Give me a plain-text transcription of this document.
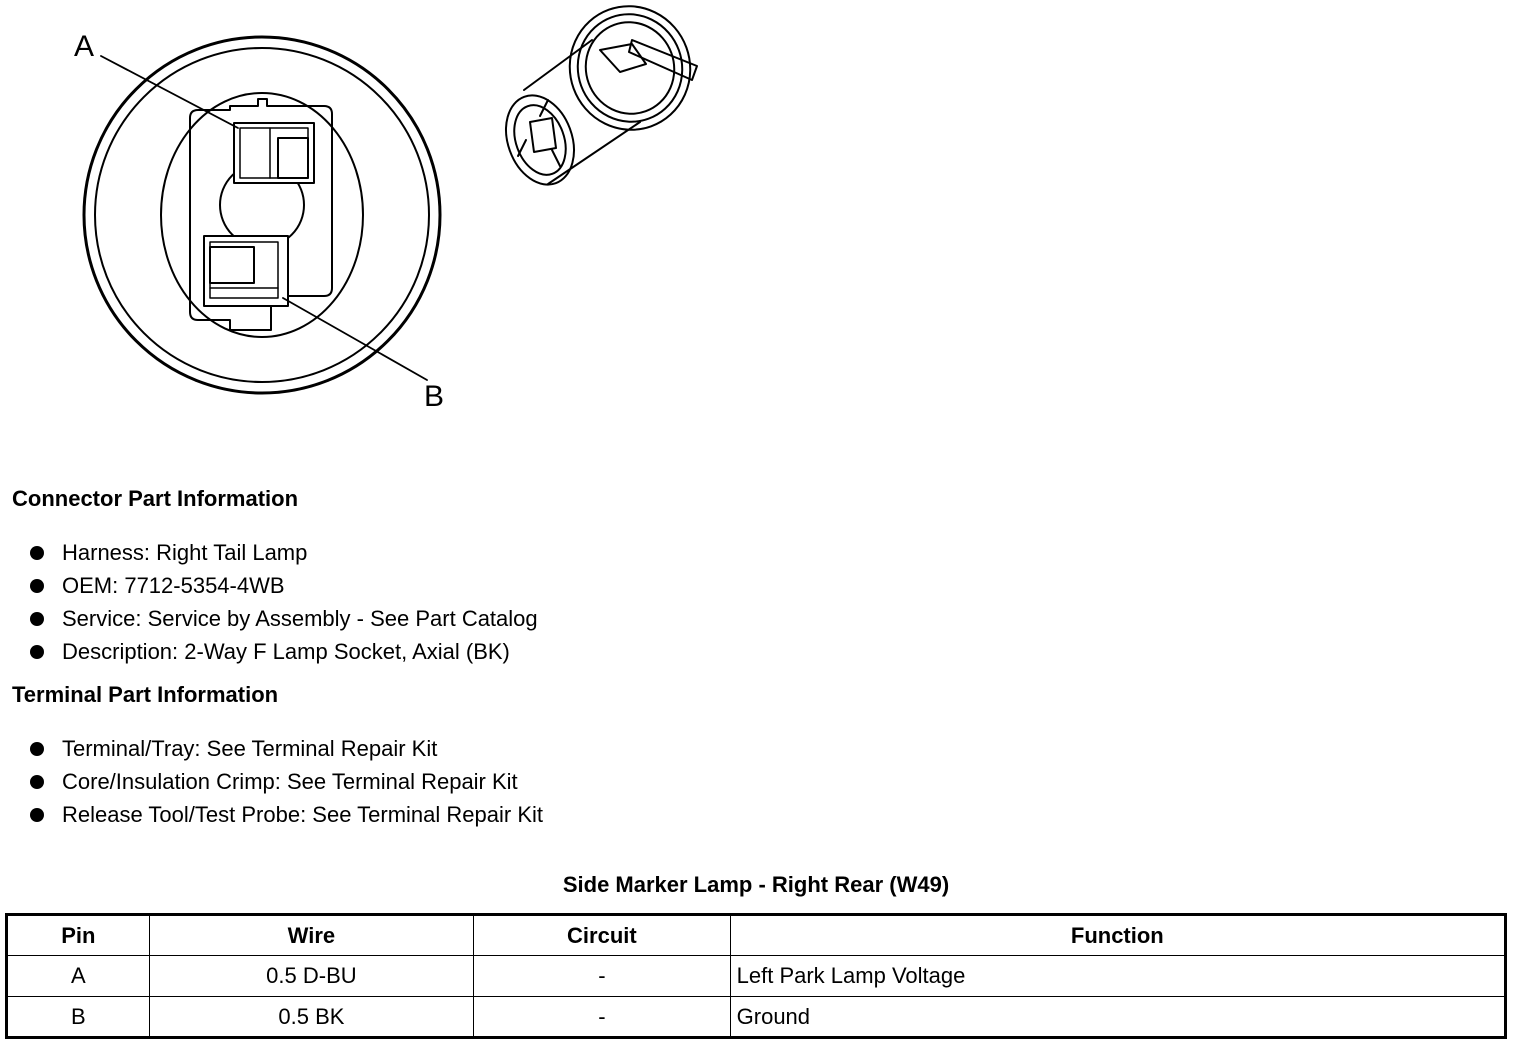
A
B
Connector Part Information
Harness: Right Tail Lamp
OEM: 7712-5354-4WB
Service: Service by Assembly - See Part Catalog
Description: 2-Way F Lamp Socket, Axial (BK)
Terminal Part Information
Terminal/Tray: See Terminal Repair Kit
Core/Insulation Crimp: See Terminal Repair Kit
Release Tool/Test Probe: See Terminal Repair Kit
Side Marker Lamp - Right Rear (W49)
Pin	Wire	Circuit	Function
A	0.5 D-BU	-	Left Park Lamp Voltage
B	0.5 BK	-	Ground
